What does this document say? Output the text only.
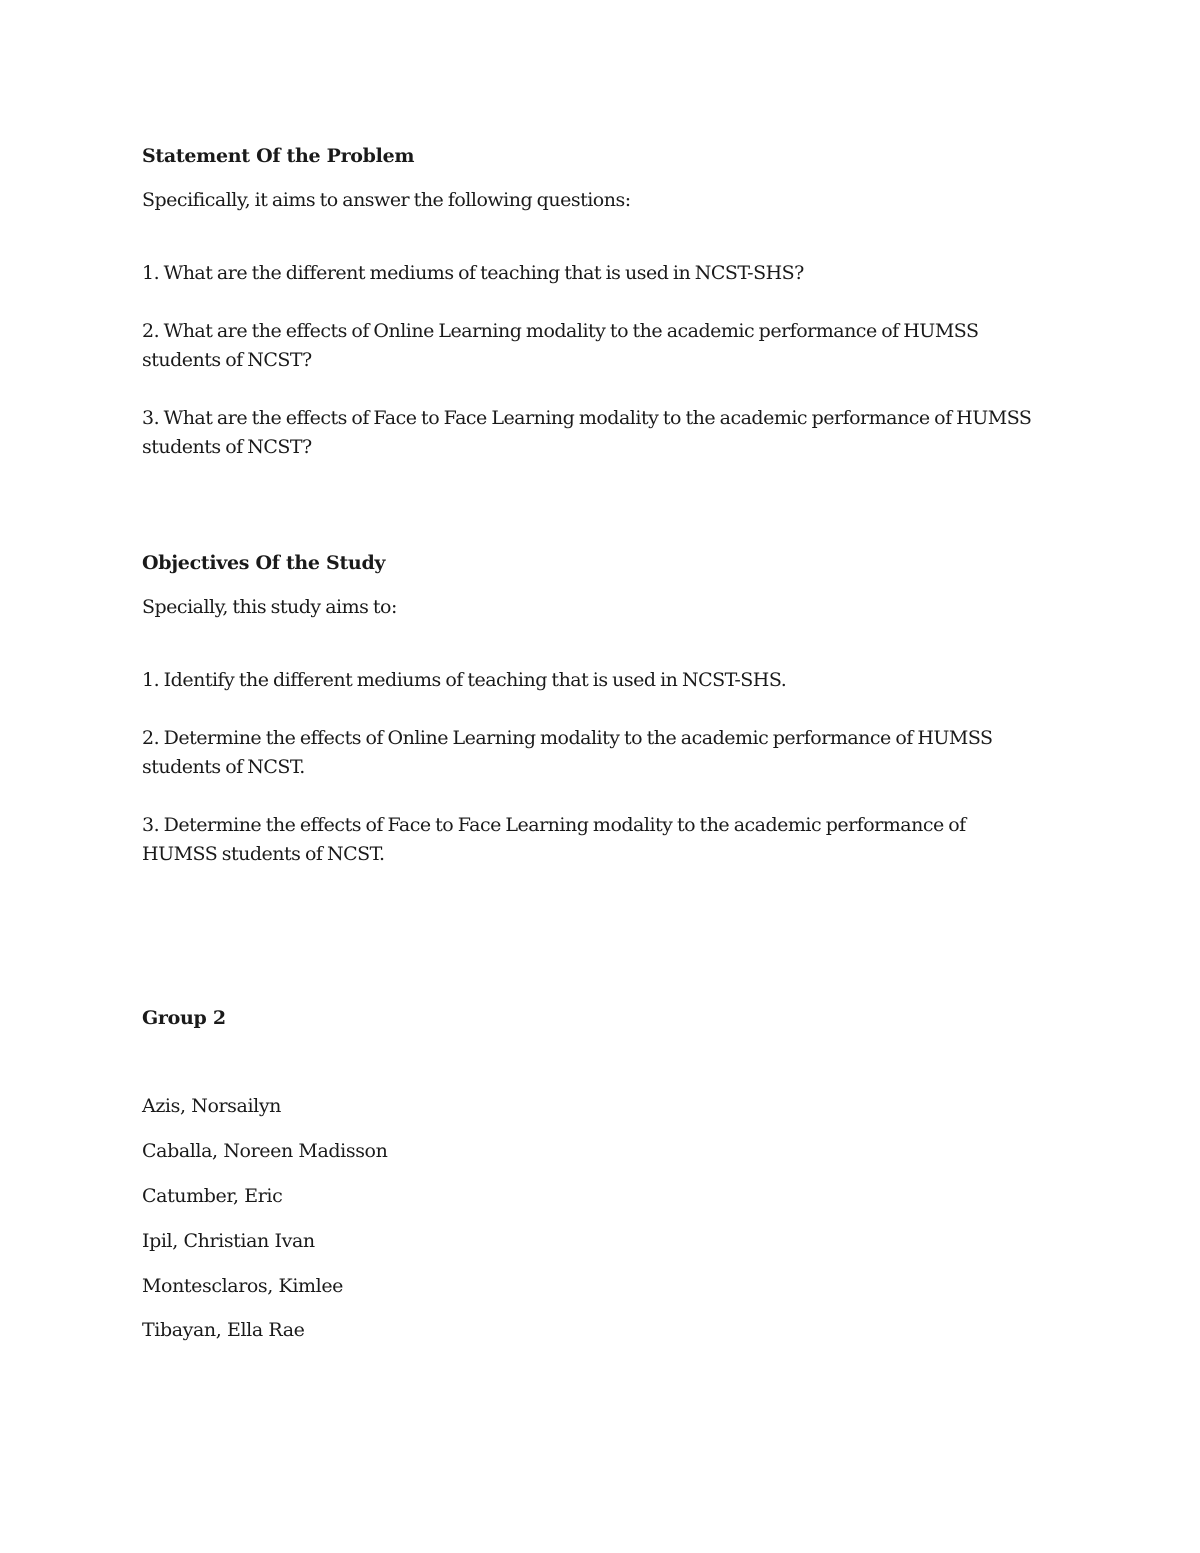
Statement Of the Problem
Specifically, it aims to answer the following questions:
1. What are the different mediums of teaching that is used in NCST-SHS?
2. What are the effects of Online Learning modality to the academic performance of HUMSS students of NCST?
3. What are the effects of Face to Face Learning modality to the academic performance of HUMSS students of NCST?
Objectives Of the Study
Specially, this study aims to:
1. Identify the different mediums of teaching that is used in NCST-SHS.
2. Determine the effects of Online Learning modality to the academic performance of HUMSS students of NCST.
3. Determine the effects of Face to Face Learning modality to the academic performance of HUMSS students of NCST.
Group 2
Azis, Norsailyn
Caballa, Noreen Madisson
Catumber, Eric
Ipil, Christian Ivan
Montesclaros, Kimlee
Tibayan, Ella Rae
